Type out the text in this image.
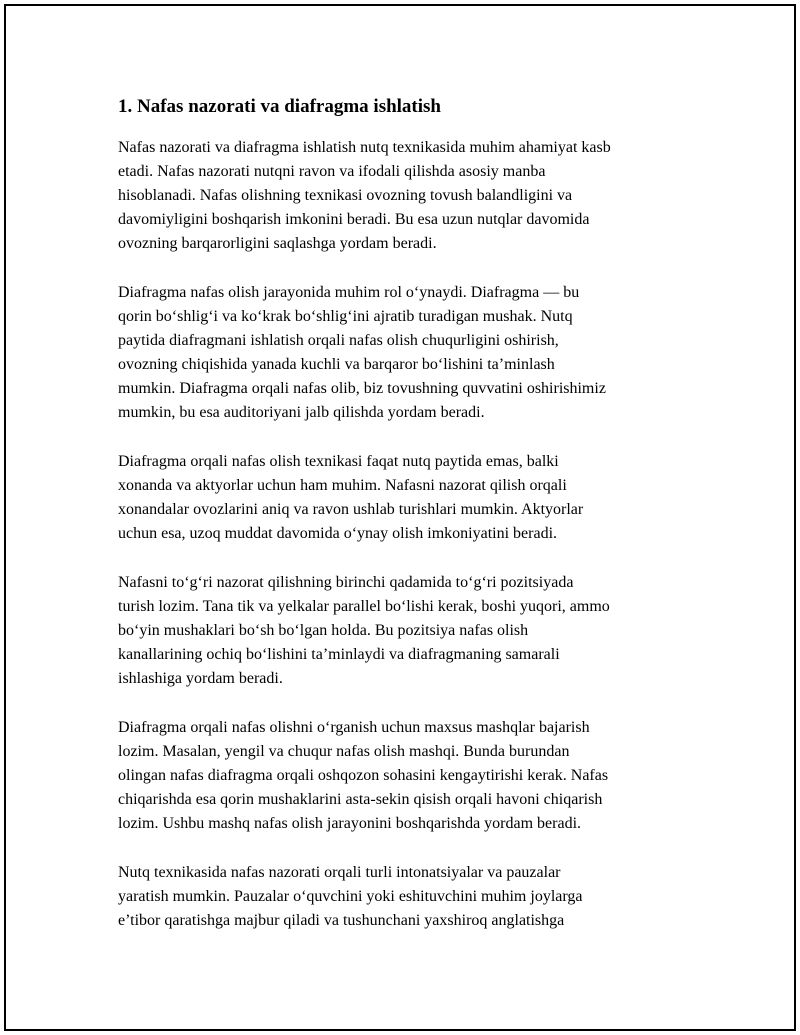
1. Nafas nazorati va diafragma ishlatish

Nafas nazorati va diafragma ishlatish nutq texnikasida muhim ahamiyat kasb
etadi. Nafas nazorati nutqni ravon va ifodali qilishda asosiy manba
hisoblanadi. Nafas olishning texnikasi ovozning tovush balandligini va
davomiyligini boshqarish imkonini beradi. Bu esa uzun nutqlar davomida
ovozning barqarorligini saqlashga yordam beradi.

Diafragma nafas olish jarayonida muhim rol o‘ynaydi. Diafragma — bu
qorin bo‘shlig‘i va ko‘krak bo‘shlig‘ini ajratib turadigan mushak. Nutq
paytida diafragmani ishlatish orqali nafas olish chuqurligini oshirish,
ovozning chiqishida yanada kuchli va barqaror bo‘lishini ta’minlash
mumkin. Diafragma orqali nafas olib, biz tovushning quvvatini oshirishimiz
mumkin, bu esa auditoriyani jalb qilishda yordam beradi.

Diafragma orqali nafas olish texnikasi faqat nutq paytida emas, balki
xonanda va aktyorlar uchun ham muhim. Nafasni nazorat qilish orqali
xonandalar ovozlarini aniq va ravon ushlab turishlari mumkin. Aktyorlar
uchun esa, uzoq muddat davomida o‘ynay olish imkoniyatini beradi.

Nafasni to‘g‘ri nazorat qilishning birinchi qadamida to‘g‘ri pozitsiyada
turish lozim. Tana tik va yelkalar parallel bo‘lishi kerak, boshi yuqori, ammo
bo‘yin mushaklari bo‘sh bo‘lgan holda. Bu pozitsiya nafas olish
kanallarining ochiq bo‘lishini ta’minlaydi va diafragmaning samarali
ishlashiga yordam beradi.

Diafragma orqali nafas olishni o‘rganish uchun maxsus mashqlar bajarish
lozim. Masalan, yengil va chuqur nafas olish mashqi. Bunda burundan
olingan nafas diafragma orqali oshqozon sohasini kengaytirishi kerak. Nafas
chiqarishda esa qorin mushaklarini asta-sekin qisish orqali havoni chiqarish
lozim. Ushbu mashq nafas olish jarayonini boshqarishda yordam beradi.

Nutq texnikasida nafas nazorati orqali turli intonatsiyalar va pauzalar
yaratish mumkin. Pauzalar o‘quvchini yoki eshituvchini muhim joylarga
e’tibor qaratishga majbur qiladi va tushunchani yaxshiroq anglatishga
